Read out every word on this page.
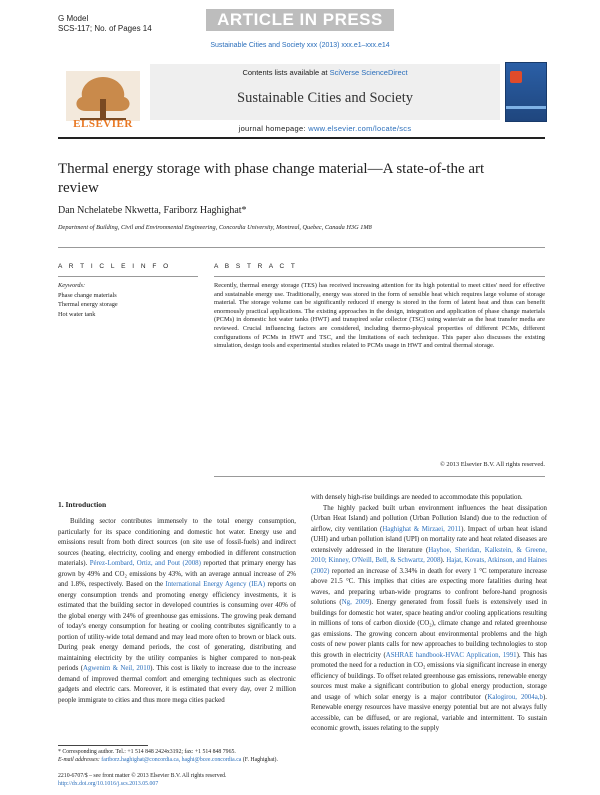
G Model
SCS-117; No. of Pages 14	ARTICLE IN PRESS
Sustainable Cities and Society xxx (2013) xxx.e1–xxx.e14
ELSEVIER
Contents lists available at SciVerse ScienceDirect
Sustainable Cities and Society
journal homepage: www.elsevier.com/locate/scs
Thermal energy storage with phase change material—A state-of-the art review
Dan Nchelatebe Nkwetta, Fariborz Haghighat*
Department of Building, Civil and Environmental Engineering, Concordia University, Montreal, Quebec, Canada H3G 1M8
A R T I C L E I N F O
Keywords:
Phase change materials
Thermal energy storage
Hot water tank
A B S T R A C T
Recently, thermal energy storage (TES) has received increasing attention for its high potential to meet cities' need for effective and sustainable energy use. Traditionally, energy was stored in the form of sensible heat which requires large volume of storage material. The storage volume can be significantly reduced if energy is stored in the form of latent heat and thus can benefit enormously practical applications. The existing approaches in the design, integration and application of phase change materials (PCMs) in domestic hot water tanks (HWT) and transpired solar collector (TSC) using water/air as the heat transfer media are reviewed. Crucial influencing factors are considered, including thermo-physical properties of different PCMs, different configurations of PCMs in HWT and TSC, and the limitations of each technique. This paper also discusses the existing simulation, design tools and experimental studies related to PCMs usage in HWT and central thermal storage.
© 2013 Elsevier B.V. All rights reserved.
1. Introduction

Building sector contributes immensely to the total energy consumption, particularly for its space conditioning and domestic hot water. Energy use and emissions result from both direct sources (on site use of fossil-fuels) and indirect sources (heating, electricity, cooling and energy embodied in different construction materials). Pérez-Lombard, Ortiz, and Pout (2008) reported that primary energy has grown by 49% and CO₂ emissions by 43%, with an average annual increase of 2% and 1.8%, respectively. Based on the International Energy Agency (IEA) reports on energy consumption trends and promoting energy efficiency investments, it is estimated that the building sector in developed countries is consuming over 40% of the global energy with 24% of greenhouse gas emissions. The growing peak demand of today's energy consumption for heating or cooling contributes significantly to a portion of utility-wide total demand and may lead more often to brown or black outs. During peak energy demand periods, the cost of generating, distributing and maintaining electricity by the utility companies is higher compared to non-peak periods (Agwenim & Neil, 2010). This cost is likely to increase due to the increase demand of improved thermal comfort and emerging techniques such as electronic gadgets and electric cars. Moreover, it is estimated that every day, over 2 million people immigrate to cities and thus more mega cities packed

with densely high-rise buildings are needed to accommodate this population.

The highly packed built urban environment influences the heat dissipation (Urban Heat Island) and pollution (Urban Pollution Island) due to the reduction of airflow, city ventilation (Haghighat & Mirzaei, 2011). Impact of urban heat island (UHI) and urban pollution island (UPI) on mortality rate and heat related diseases are extensively addressed in the literature (Hayhoe, Sheridan, Kalkstein, & Greene, 2010; Kinney, O'Neill, Bell, & Schwartz, 2008). Hajat, Kovats, Atkinson, and Haines (2002) reported an increase of 3.34% in death for every 1 °C temperature increase above 21.5 °C. This implies that cities are expecting more fatalities during heat waves, and preparing urban-wide programs to confront before-hand prognosis solutions (Ng, 2009). Energy generated from fossil fuels is extensively used in buildings for domestic hot water, space heating and/or cooling applications resulting in millions of tons of carbon dioxide (CO₂), climate change and related greenhouse gas emissions. The growing concern about environmental problems and the high costs of new power plants calls for new approaches to building technologies to stop this growth in electricity (ASHRAE handbook-HVAC Application, 1991). This has promoted the need for a reduction in CO₂ emissions via significant increase in energy efficiency of buildings. To offset related greenhouse gas emissions, renewable energy sources must make a significant contribution to global energy production, storage and usage of which solar energy is a major contributor (Kalogirou, 2004a,b). Renewable energy resources have massive energy potential but are not always fully accessible, can be diffused, or are regional, variable and intermittent. To sustain economic growth, issues relating to the supply

* Corresponding author. Tel.: +1 514 848 2424x3192; fax: +1 514 848 7965.
E-mail addresses: fariborz.haghighat@concordia.ca, haghi@bcee.concordia.ca (F. Haghighat).
2210-6707/$ – see front matter © 2013 Elsevier B.V. All rights reserved.
http://dx.doi.org/10.1016/j.scs.2013.05.007
